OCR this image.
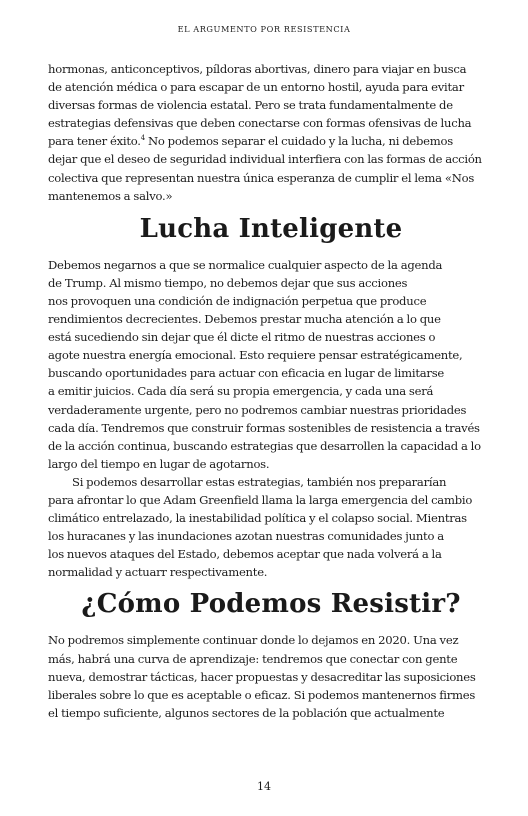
EL ARGUMENTO POR RESISTENCIA
hormonas, anticonceptivos, píldoras abortivas, dinero para viajar en busca
de atención médica o para escapar de un entorno hostil, ayuda para evitar
diversas formas de violencia estatal. Pero se trata fundamentalmente de
estrategias defensivas que deben conectarse con formas ofensivas de lucha
para tener éxito.$^4$ No podemos separar el cuidado y la lucha, ni debemos
dejar que el deseo de seguridad individual interfiera con las formas de acción
colectiva que representan nuestra única esperanza de cumplir el lema «Nos
mantenemos a salvo.»
Lucha Inteligente
Debemos negarnos a que se normalice cualquier aspecto de la agenda
de Trump. Al mismo tiempo, no debemos dejar que sus acciones
nos provoquen una condición de indignación perpetua que produce
rendimientos decrecientes. Debemos prestar mucha atención a lo que
está sucediendo sin dejar que él dicte el ritmo de nuestras acciones o
agote nuestra energía emocional. Esto requiere pensar estratégicamente,
buscando oportunidades para actuar con eficacia en lugar de limitarse
a emitir juicios. Cada día será su propia emergencia, y cada una será
verdaderamente urgente, pero no podremos cambiar nuestras prioridades
cada día. Tendremos que construir formas sostenibles de resistencia a través
de la acción continua, buscando estrategias que desarrollen la capacidad a lo
largo del tiempo en lugar de agotarnos.
Si podemos desarrollar estas estrategias, también nos prepararían
para afrontar lo que Adam Greenfield llama la larga emergencia del cambio
climático entrelazado, la inestabilidad política y el colapso social. Mientras
los huracanes y las inundaciones azotan nuestras comunidades junto a
los nuevos ataques del Estado, debemos aceptar que nada volverá a la
normalidad y actuarr respectivamente.
¿Cómo Podemos Resistir?
No podremos simplemente continuar donde lo dejamos en 2020. Una vez
más, habrá una curva de aprendizaje: tendremos que conectar con gente
nueva, demostrar tácticas, hacer propuestas y desacreditar las suposiciones
liberales sobre lo que es aceptable o eficaz. Si podemos mantenernos firmes
el tiempo suficiente, algunos sectores de la población que actualmente
14
